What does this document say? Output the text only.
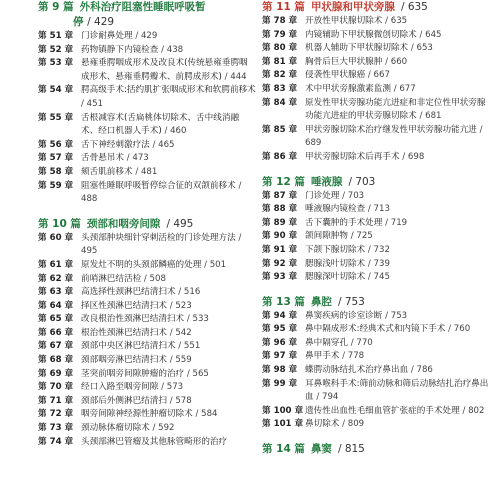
第 9 篇 外科治疗阻塞性睡眠呼吸暂
停 / 429
第 51 章 门诊耐鼻处理 / 429
第 52 章 药物镇静下内镜检查 / 438
第 53 章 悬雍垂腭咽成形术及改良术(传统悬雍垂腭咽成形术、悬雍垂腭瓣术、前腭成形术) / 444
第 54 章 腭高级手术:括约肌扩张咽成形术和软腭前移术 / 451
第 55 章 舌根减容术(舌扁桃体切除术、舌中线消融术、经口机器人手术) / 460
第 56 章 舌下神经刺激疗法 / 465
第 57 章 舌骨悬吊术 / 473
第 58 章 颏舌肌前移术 / 481
第 59 章 阻塞性睡眠呼吸暂停综合征的双颌前移术 / 488
第 10 篇 颈部和咽旁间隙 / 495
第 60 章 头颈部肿块细针穿刺活检的门诊处理方法 / 495
第 61 章 原发灶不明的头颈部鳞癌的处理 / 501
第 62 章 前哨淋巴结活检 / 508
第 63 章 高选择性颈淋巴结清扫术 / 516
第 64 章 择区性颈淋巴结清扫术 / 523
第 65 章 改良根治性颈淋巴结清扫术 / 533
第 66 章 根治性颈淋巴结清扫术 / 542
第 67 章 颈部中央区淋巴结清扫术 / 551
第 68 章 颈部咽旁淋巴结清扫术 / 559
第 69 章 茎突前咽旁间隙肿瘤的治疗 / 565
第 70 章 经口入路至咽旁间隙 / 573
第 71 章 颈部后外侧淋巴结清扫 / 578
第 72 章 咽旁间隙神经源性肿瘤切除术 / 584
第 73 章 颈动脉体瘤切除术 / 592
第 74 章 头颈部淋巴管瘤及其他脉管畸形的治疗
第 11 篇 甲状腺和甲状旁腺 / 635
第 78 章 开放性甲状腺切除术 / 635
第 79 章 内镜辅助下甲状腺微创切除术 / 645
第 80 章 机器人辅助下甲状腺切除术 / 653
第 81 章 胸骨后巨大甲状腺肿 / 660
第 82 章 侵袭性甲状腺癌 / 667
第 83 章 术中甲状旁腺激素监测 / 677
第 84 章 原发性甲状旁腺功能亢进症和非定位性甲状旁腺功能亢进症的甲状旁腺切除术 / 681
第 85 章 甲状旁腺切除术治疗继发性甲状旁腺功能亢进 / 689
第 86 章 甲状旁腺切除术后再手术 / 698
第 12 篇 唾液腺 / 703
第 87 章 门诊处理 / 703
第 88 章 唾液腺内镜检查 / 713
第 89 章 舌下囊肿的手术处理 / 719
第 90 章 颌间隙肿物 / 725
第 91 章 下颌下腺切除术 / 732
第 92 章 腮腺浅叶切除术 / 739
第 93 章 腮腺深叶切除术 / 745
第 13 篇 鼻腔 / 753
第 94 章 鼻窦疾病的诊室诊断 / 753
第 95 章 鼻中隔成形术:经典术式和内镜下手术 / 760
第 96 章 鼻中隔穿孔 / 770
第 97 章 鼻甲手术 / 778
第 98 章 蝶腭动脉结扎术治疗鼻出血 / 786
第 99 章 耳鼻喉科手术:筛前动脉和筛后动脉结扎治疗鼻出血 / 794
第 100 章 遗传性出血性毛细血管扩张症的手术处理 / 802
第 101 章 鼻切除术 / 809
第 14 篇 鼻窦 / 815
